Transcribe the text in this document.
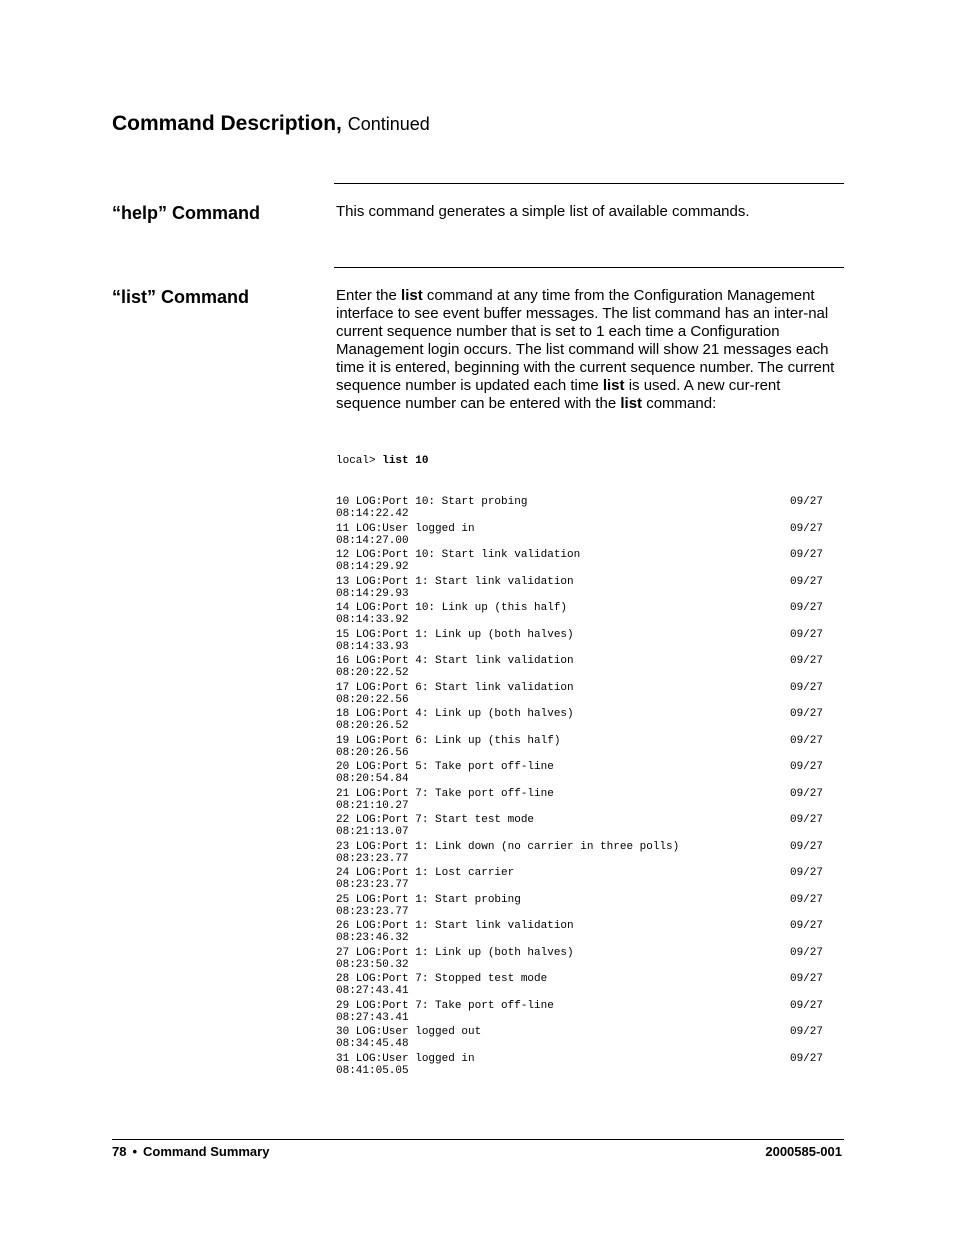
Command Description, Continued
“help” Command	This command generates a simple list of available commands.
“list” Command	Enter the list command at any time from the Configuration Management interface to see event buffer messages. The list command has an inter-nal current sequence number that is set to 1 each time a Configuration Management login occurs. The list command will show 21 messages each time it is entered, beginning with the current sequence number. The current sequence number is updated each time list is used. A new cur-rent sequence number can be entered with the list command:

local> list 10

10 LOG:Port 10: Start probing	09/27
08:14:22.42
11 LOG:User logged in	09/27
08:14:27.00
12 LOG:Port 10: Start link validation	09/27
08:14:29.92
13 LOG:Port 1: Start link validation	09/27
08:14:29.93
14 LOG:Port 10: Link up (this half)	09/27
08:14:33.92
15 LOG:Port 1: Link up (both halves)	09/27
08:14:33.93
16 LOG:Port 4: Start link validation	09/27
08:20:22.52
17 LOG:Port 6: Start link validation	09/27
08:20:22.56
18 LOG:Port 4: Link up (both halves)	09/27
08:20:26.52
19 LOG:Port 6: Link up (this half)	09/27
08:20:26.56
20 LOG:Port 5: Take port off-line	09/27
08:20:54.84
21 LOG:Port 7: Take port off-line	09/27
08:21:10.27
22 LOG:Port 7: Start test mode	09/27
08:21:13.07
23 LOG:Port 1: Link down (no carrier in three polls)	09/27
08:23:23.77
24 LOG:Port 1: Lost carrier	09/27
08:23:23.77
25 LOG:Port 1: Start probing	09/27
08:23:23.77
26 LOG:Port 1: Start link validation	09/27
08:23:46.32
27 LOG:Port 1: Link up (both halves)	09/27
08:23:50.32
28 LOG:Port 7: Stopped test mode	09/27
08:27:43.41
29 LOG:Port 7: Take port off-line	09/27
08:27:43.41
30 LOG:User logged out	09/27
08:34:45.48
31 LOG:User logged in	09/27
08:41:05.05

78 • Command Summary	2000585-001
